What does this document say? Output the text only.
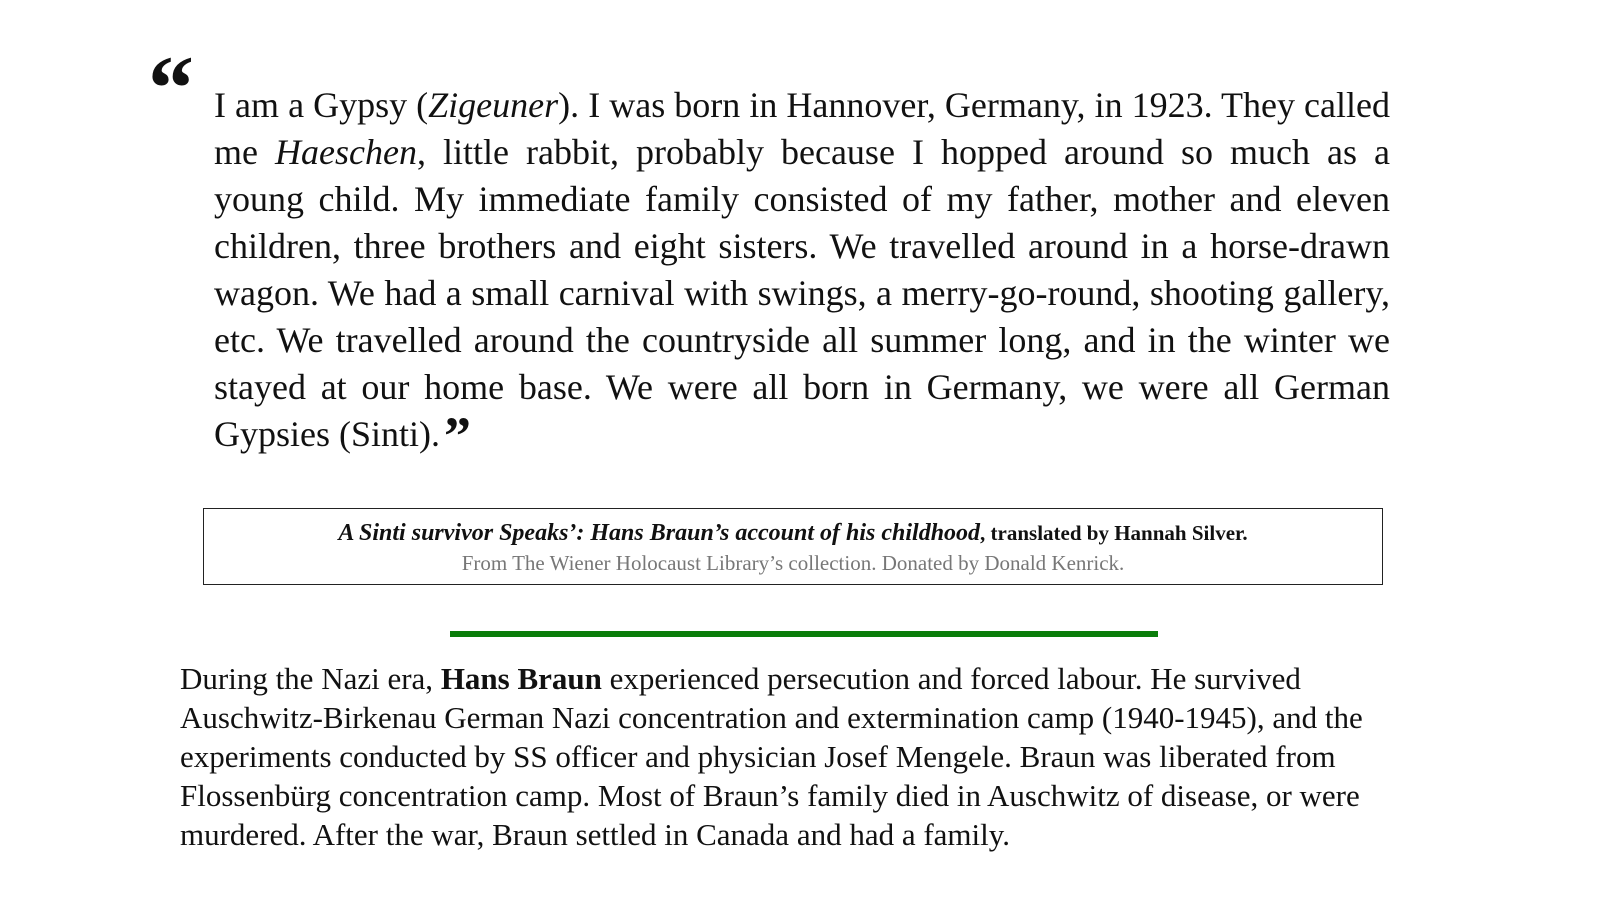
“ I am a Gypsy (Zigeuner). I was born in Hannover, Germany, in 1923. They called me Haeschen, little rabbit, probably because I hopped around so much as a young child. My immediate family consisted of my father, mother and eleven children, three brothers and eight sisters. We travelled around in a horse-drawn wagon. We had a small carnival with swings, a merry-go-round, shooting gallery, etc. We travelled around the countryside all summer long, and in the winter we stayed at our home base. We were all born in Germany, we were all German Gypsies (Sinti).”
A Sinti survivor Speaks’: Hans Braun’s account of his childhood, translated by Hannah Silver.
From The Wiener Holocaust Library’s collection. Donated by Donald Kenrick.
During the Nazi era, Hans Braun experienced persecution and forced labour. He survived Auschwitz-Birkenau German Nazi concentration and extermination camp (1940-1945), and the experiments conducted by SS officer and physician Josef Mengele. Braun was liberated from Flossenbürg concentration camp. Most of Braun’s family died in Auschwitz of disease, or were murdered. After the war, Braun settled in Canada and had a family.
